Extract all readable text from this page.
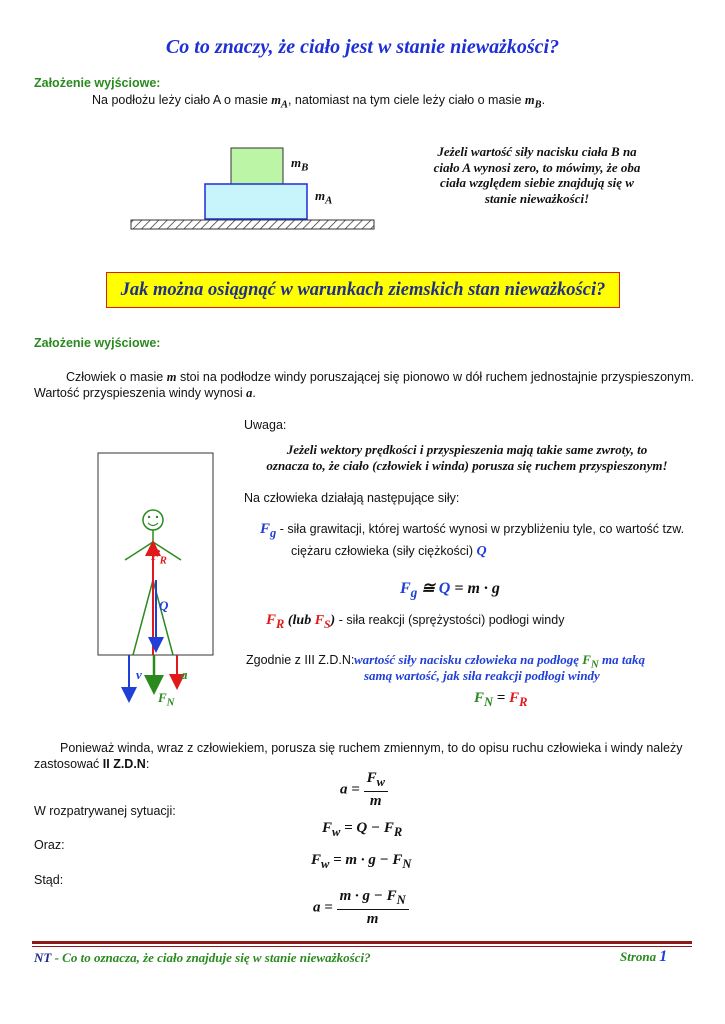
Co to znaczy, że ciało jest w stanie nieważkości?
Założenie wyjściowe:
Na podłożu leży ciało A o masie $m_A$, natomiast na tym ciele leży ciało o masie $m_B$.
$m_B$
$m_A$
Jeżeli wartość siły nacisku ciała B na
ciało A wynosi zero, to mówimy, że oba
ciała względem siebie znajdują się w
stanie nieważkości!
Jak można osiągnąć w warunkach ziemskich stan nieważkości?
Założenie wyjściowe:
Człowiek o masie m stoi na podłodze windy poruszającej się pionowo w dół ruchem jednostajnie przyspieszonym.
Wartość przyspieszenia windy wynosi a.
Uwaga:
Jeżeli wektory prędkości i przyspieszenia mają takie same zwroty, to
oznacza to, że ciało (człowiek i winda) porusza się ruchem przyspieszonym!
$F_R$
Q
v	a
$F_N$
Na człowieka działają następujące siły:
$F_g$ - siła grawitacji, której wartość wynosi w przybliżeniu tyle, co wartość tzw.
ciężaru człowieka (siły ciężkości) Q
$F_g$ ≅ Q = m · g
$F_R$ (lub $F_S$) - siła reakcji (sprężystości) podłogi windy
Zgodnie z III Z.D.N: wartość siły nacisku człowieka na podłogę $F_N$ ma taką
samą wartość, jak siła reakcji podłogi windy
$F_N = F_R$
Ponieważ winda, wraz z człowiekiem, porusza się ruchem zmiennym, to do opisu ruchu człowieka i windy należy
zastosować II Z.D.N:
$a = \frac{F_w}{m}$
W rozpatrywanej sytuacji:
$F_w = Q - F_R$
Oraz:
$F_w = m \cdot g - F_N$
Stąd:
$a = \frac{m \cdot g - F_N}{m}$
NT - Co to oznacza, że ciało znajduje się w stanie nieważkości?	Strona 1
